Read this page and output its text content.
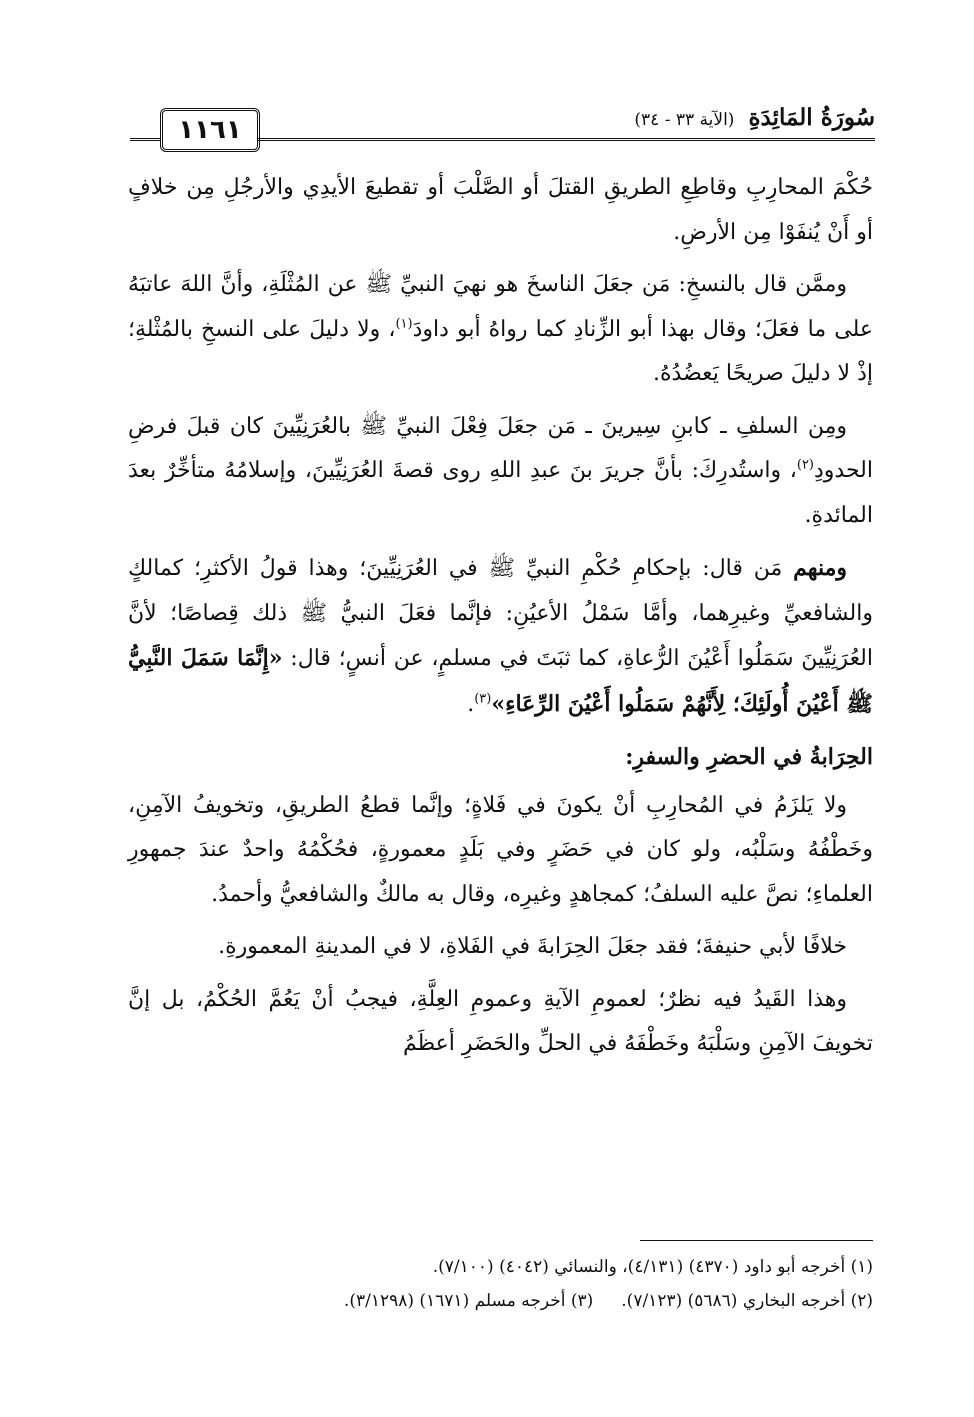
١١٦١	سُورَةُ المَائِدَةِ (الآية ٣٣ - ٣٤)

حُكْمَ المحارِبِ وقاطِعِ الطريقِ القتلَ أو الصَّلْبَ أو تقطيعَ الأيدِي والأرجُلِ مِن خلافٍ أو أَنْ يُنفَوْا مِن الأرضِ.

وممَّن قال بالنسخِ: مَن جعَلَ الناسخَ هو نهيَ النبيِّ ﷺ عن المُثْلَةِ، وأنَّ اللهَ عاتبَهُ على ما فعَلَ؛ وقال بهذا أبو الزِّنادِ كما رواهُ أبو داودَ$^{(١)}$، ولا دليلَ على النسخِ بالمُثْلةِ؛ إذْ لا دليلَ صريحًا يَعضُدُهُ.

ومِن السلفِ ـ كابنِ سِيرينَ ـ مَن جعَلَ فِعْلَ النبيِّ ﷺ بالعُرَنِيِّينَ كان قبلَ فرضِ الحدودِ$^{(٢)}$، واستُدرِكَ: بأنَّ جريرَ بنَ عبدِ اللهِ روى قصةَ العُرَنِيِّينَ، وإسلامُهُ متأخِّرٌ بعدَ المائدةِ.

ومنهم مَن قال: بإحكامِ حُكْمِ النبيِّ ﷺ في العُرَنِيِّينَ؛ وهذا قولُ الأكثرِ؛ كمالكٍ والشافعيِّ وغيرِهما، وأمَّا سَمْلُ الأعيُنِ: فإنَّما فعَلَ النبيُّ ﷺ ذلك قِصاصًا؛ لأنَّ العُرَنِيِّينَ سَمَلُوا أَعْيُنَ الرُّعاةِ، كما ثبَتَ في مسلمٍ، عن أنسٍ؛ قال: «إِنَّمَا سَمَلَ النَّبِيُّ ﷺ أَعْيُنَ أُولَئِكَ؛ لِأَنَّهُمْ سَمَلُوا أَعْيُنَ الرِّعَاءِ»$^{(٣)}$.

الحِرَابةُ في الحضرِ والسفرِ:

ولا يَلزَمُ في المُحارِبِ أنْ يكونَ في فَلاةٍ؛ وإنَّما قطعُ الطريقِ، وتخويفُ الآمِنِ، وخَطْفُهُ وسَلْبُه، ولو كان في حَضَرٍ وفي بَلَدٍ معمورةٍ، فحُكْمُهُ واحدٌ عندَ جمهورِ العلماءِ؛ نصَّ عليه السلفُ؛ كمجاهدٍ وغيرِه، وقال به مالكٌ والشافعيُّ وأحمدُ.

خلافًا لأبي حنيفةَ؛ فقد جعَلَ الحِرَابةَ في الفَلاةِ، لا في المدينةِ المعمورةِ.

وهذا القَيدُ فيه نظرٌ؛ لعمومِ الآيةِ وعمومِ العِلَّةِ، فيجبُ أنْ يَعُمَّ الحُكْمُ، بل إنَّ تخويفَ الآمِنِ وسَلْبَهُ وخَطْفَهُ في الحلِّ والحَضَرِ أعظَمُ

(١) أخرجه أبو داود (٤٣٧٠) (٤/١٣١)، والنسائي (٤٠٤٢) (٧/١٠٠).
(٢) أخرجه البخاري (٥٦٨٦) (٧/١٢٣).(٣) أخرجه مسلم (١٦٧١) (٣/١٢٩٨).
